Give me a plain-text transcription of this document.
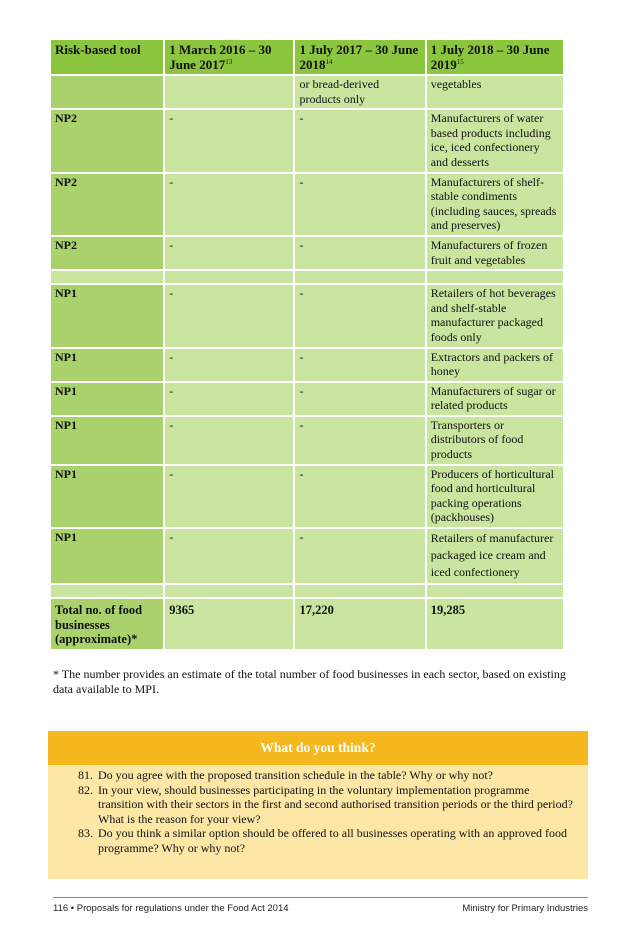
Risk-based tool	1 March 2016 – 30 June 2017$^{13}$	1 July 2017 – 30 June 2018$^{14}$	1 July 2018 – 30 June 2019$^{15}$
		or bread-derived products only	vegetables
NP2	-	-	Manufacturers of water based products including ice, iced confectionery and desserts
NP2	-	-	Manufacturers of shelf-stable condiments (including sauces, spreads and preserves)
NP2	-	-	Manufacturers of frozen fruit and vegetables

NP1	-	-	Retailers of hot beverages and shelf-stable manufacturer packaged foods only
NP1	-	-	Extractors and packers of honey
NP1	-	-	Manufacturers of sugar or related products
NP1	-	-	Transporters or distributors of food products
NP1	-	-	Producers of horticultural food and horticultural packing operations (packhouses)
NP1	-	-	Retailers of manufacturer packaged ice cream and iced confectionery

Total no. of food businesses (approximate)*	9365	17,220	19,285
* The number provides an estimate of the total number of food businesses in each sector, based on existing data available to MPI.
What do you think?
81. Do you agree with the proposed transition schedule in the table? Why or why not?
82. In your view, should businesses participating in the voluntary implementation programme transition with their sectors in the first and second authorised transition periods or the third period? What is the reason for your view?
83. Do you think a similar option should be offered to all businesses operating with an approved food programme? Why or why not?
116 • Proposals for regulations under the Food Act 2014	Ministry for Primary Industries
